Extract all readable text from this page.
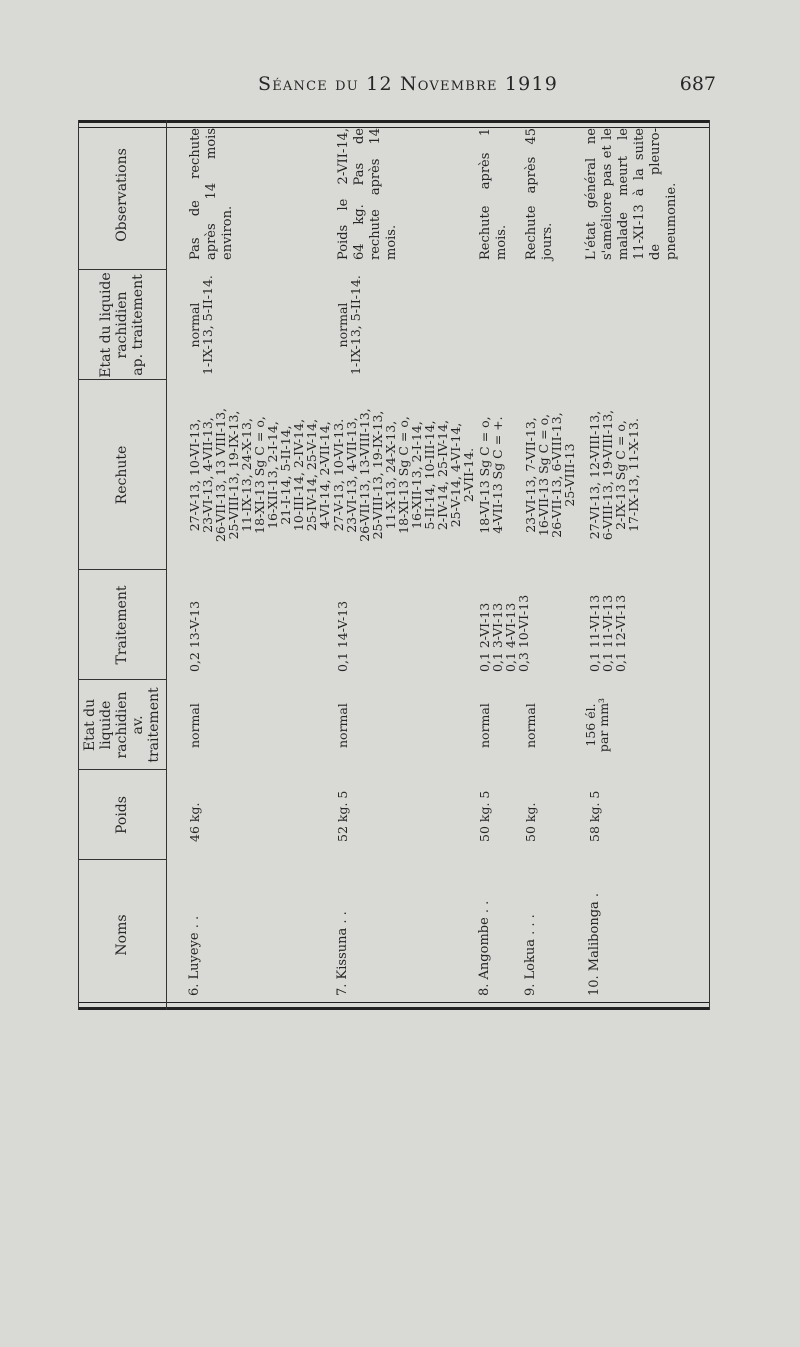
Séance du 12 Novembre 1919	687
Noms
Poids
Etat du liquide rachidien av. traitement
Traitement
Rechute
Etat du liquide rachidien ap. traitement
Observations
6. Luyeye . .
46 kg.
normal
0,2 13-V-13
27-V-13, 10-VI-13,
23-VI-13, 4-VII-13,
26-VII-13, 13 VIII-13,
25-VIII-13, 19-IX-13,
11-IX-13, 24-X-13,
18-XI-13 Sg C = o,
16-XII-13, 2-I-14,
21-I-14, 5-II-14,
10-III-14, 2-IV-14,
25-IV-14, 25-V-14,
4-VI-14, 2-VII-14,
normal
1-IX-13, 5-II-14.
Pas de rechute après 14 mois environ.
7. Kissuna . .
52 kg. 5
normal
0,1 14-V-13
27-V-13, 10-VI-13.
23-VI-13, 4-VII-13,
26-VII-13, 13-VIII-13,
25-VIII-13, 19-IX-13,
11-X-13, 24-X-13,
18-XI-13 Sg C = o,
16-XII-13, 2-I-14,
5-II-14, 10-III-14,
2-IV-14, 25-IV-14,
25-V-14, 4-VI-14,
2-VII-14.
normal
1-IX-13, 5-II-14.
Poids le 2-VII-14, 64 kg. Pas de rechute après 14 mois.
8. Angombe . .
50 kg. 5
normal
0,1 2-VI-13
0,1 3-VI-13
0,1 4-VI-13
0,3 10-VI-13
18-VI-13 Sg C = o,
4-VII-13 Sg C = +.
Rechute après 1 mois.
9. Lokua . . .
50 kg.
normal
23-VI-13, 7-VII-13,
16-VII-13 Sg C = o,
26-VII-13, 6-VIII-13,
25-VIII-13
Rechute après 45 jours.
10. Malibonga .
58 kg. 5
156 él.
par mm³
0,1 11-VI-13
0,1 11-VI-13
0,1 12-VI-13
27-VI-13, 12-VIII-13,
6-VIII-13, 19-VIII-13,
2-IX-13 Sg C = o,
17-IX-13, 11-X-13.
L'état général ne s'améliore pas et le malade meurt le 11-XI-13 à la suite de pleuro-pneumonie.
